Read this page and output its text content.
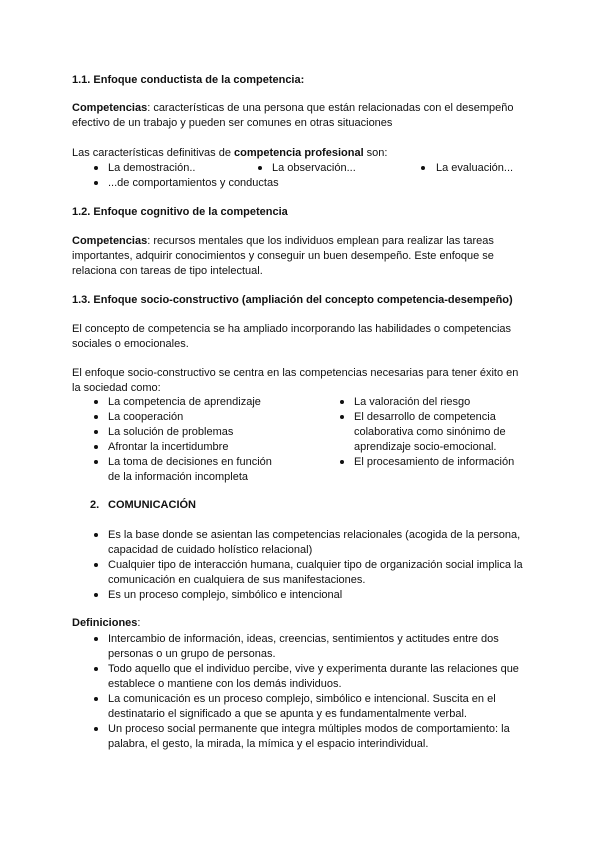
1.1. Enfoque conductista de la competencia:
Competencias: características de una persona que están relacionadas con el desempeño
efectivo de un trabajo y pueden ser comunes en otras situaciones
Las características definitivas de competencia profesional son:
La demostración..	La observación...	La evaluación...
...de comportamientos y conductas
1.2. Enfoque cognitivo de la competencia
Competencias: recursos mentales que los individuos emplean para realizar las tareas
importantes, adquirir conocimientos y conseguir un buen desempeño. Este enfoque se
relaciona con tareas de tipo intelectual.
1.3. Enfoque socio-constructivo (ampliación del concepto competencia-desempeño)
El concepto de competencia se ha ampliado incorporando las habilidades o competencias
sociales o emocionales.
El enfoque socio-constructivo se centra en las competencias necesarias para tener éxito en
la sociedad como:
La competencia de aprendizaje
La cooperación
La solución de problemas
Afrontar la incertidumbre
La toma de decisiones en función
de la información incompleta
La valoración del riesgo
El desarrollo de competencia
colaborativa como sinónimo de
aprendizaje socio-emocional.
El procesamiento de información
2. COMUNICACIÓN
Es la base donde se asientan las competencias relacionales (acogida de la persona,
capacidad de cuidado holístico relacional)
Cualquier tipo de interacción humana, cualquier tipo de organización social implica la
comunicación en cualquiera de sus manifestaciones.
Es un proceso complejo, simbólico e intencional
Definiciones:
Intercambio de información, ideas, creencias, sentimientos y actitudes entre dos
personas o un grupo de personas.
Todo aquello que el individuo percibe, vive y experimenta durante las relaciones que
establece o mantiene con los demás individuos.
La comunicación es un proceso complejo, simbólico e intencional. Suscita en el
destinatario el significado a que se apunta y es fundamentalmente verbal.
Un proceso social permanente que integra múltiples modos de comportamiento: la
palabra, el gesto, la mirada, la mímica y el espacio interindividual.
